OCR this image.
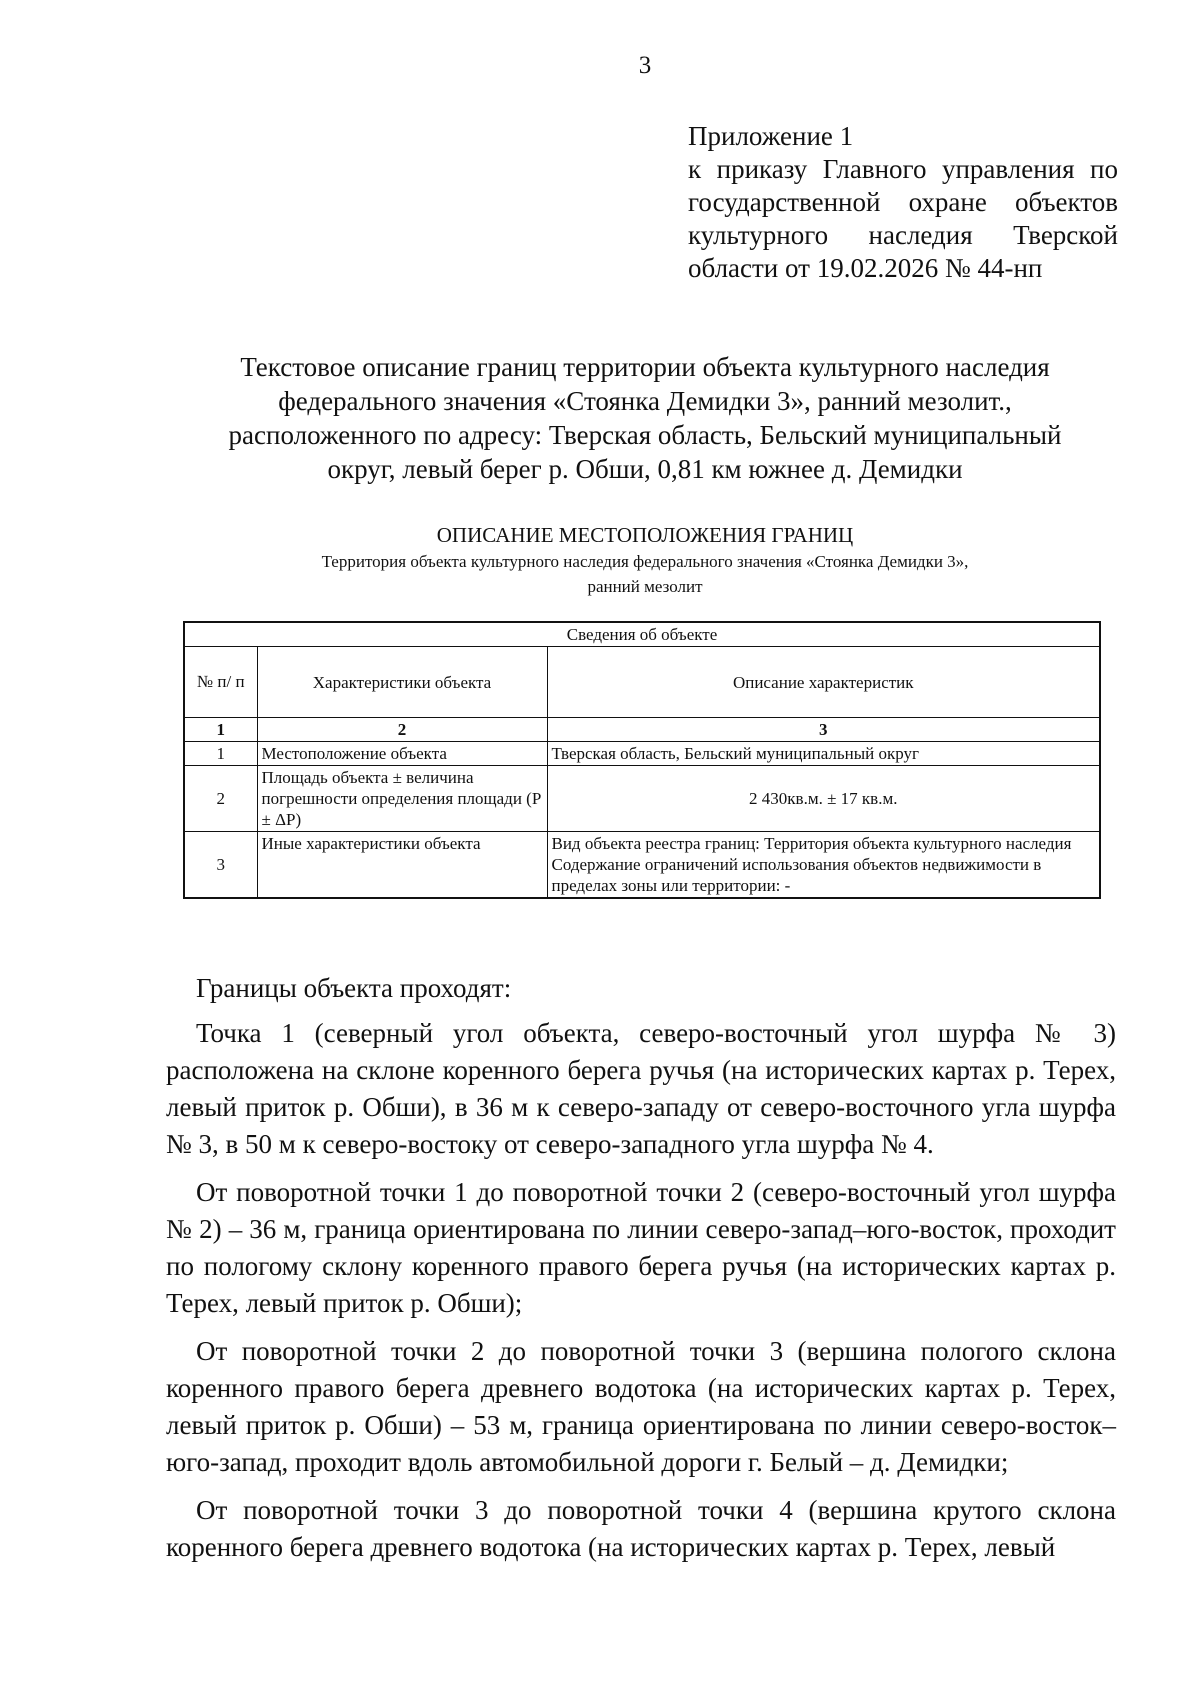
3
Приложение 1
к приказу Главного управления по
государственной охране объектов
культурного наследия Тверской
области от 19.02.2026 № 44-нп
Текстовое описание границ территории объекта культурного наследия
федерального значения «Стоянка Демидки 3», ранний мезолит.,
расположенного по адресу: Тверская область, Бельский муниципальный
округ, левый берег р. Обши, 0,81 км южнее д. Демидки
ОПИСАНИЕ МЕСТОПОЛОЖЕНИЯ ГРАНИЦ
Территория объекта культурного наследия федерального значения «Стоянка Демидки 3»,
ранний мезолит
Сведения об объекте		
№ п/ п	Характеристики объекта	Описание характеристик
1	2	3
1	Местоположение объекта	Тверская область, Бельский муниципальный округ
2	Площадь объекта ± величина погрешности определения площади (Р ± ΔР)	2 430кв.м. ± 17 кв.м.
3	Иные характеристики объекта	Вид объекта реестра границ: Территория объекта культурного наследия Содержание ограничений использования объектов недвижимости в пределах зоны или территории: -

Границы объекта проходят:

Точка 1 (северный угол объекта, северо-восточный угол шурфа № 3) расположена на склоне коренного берега ручья (на исторических картах р. Терех, левый приток р. Обши), в 36 м к северо-западу от северо-восточного угла шурфа № 3, в 50 м к северо-востоку от северо-западного угла шурфа № 4.

От поворотной точки 1 до поворотной точки 2 (северо-восточный угол шурфа № 2) – 36 м, граница ориентирована по линии северо-запад–юго-восток, проходит по пологому склону коренного правого берега ручья (на исторических картах р. Терех, левый приток р. Обши);

От поворотной точки 2 до поворотной точки 3 (вершина пологого склона коренного правого берега древнего водотока (на исторических картах р. Терех, левый приток р. Обши) – 53 м, граница ориентирована по линии северо-восток–юго-запад, проходит вдоль автомобильной дороги г. Белый – д. Демидки;

От поворотной точки 3 до поворотной точки 4 (вершина крутого склона коренного берега древнего водотока (на исторических картах р. Терех, левый
